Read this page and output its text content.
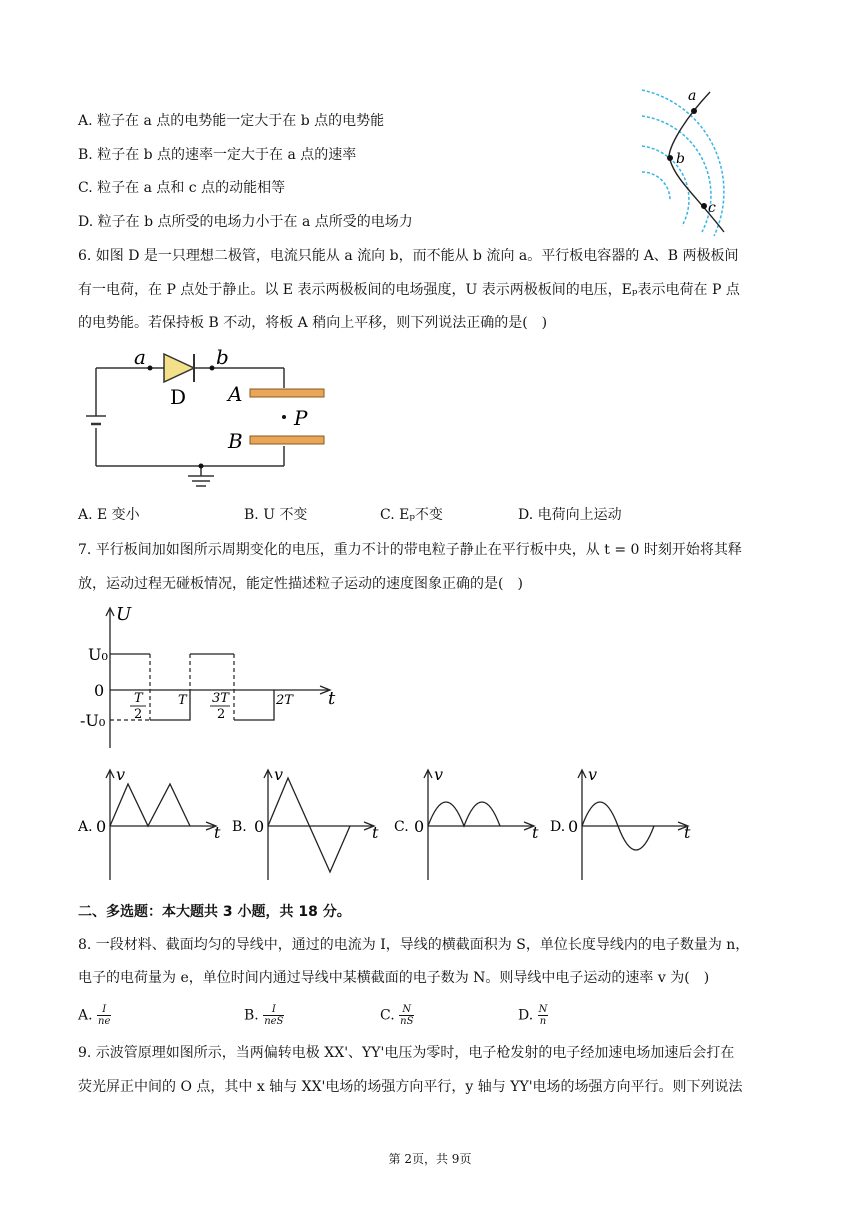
A. 粒子在 a 点的电势能一定大于在 b 点的电势能
B. 粒子在 b 点的速率一定大于在 a 点的速率
C. 粒子在 a 点和 c 点的动能相等
D. 粒子在 b 点所受的电场力小于在 a 点所受的电场力
a
b
c
6. 如图 D 是一只理想二极管，电流只能从 a 流向 b，而不能从 b 流向 a。平行板电容器的 A、B 两极板间
有一电荷，在 P 点处于静止。以 E 表示两极板间的电场强度，U 表示两极板间的电压，Eₚ表示电荷在 P 点
的电势能。若保持板 B 不动，将板 A 稍向上平移，则下列说法正确的是(　)
a	b
D A
B
P
A. E 变小	B. U 不变	C. Eₚ不变	D. 电荷向上运动
7. 平行板间加如图所示周期变化的电压，重力不计的带电粒子静止在平行板中央，从 t = 0 时刻开始将其释
放，运动过程无碰板情况，能定性描述粒子运动的速度图象正确的是(　)
U
t
U₀
0
-U₀
T
2
T 3T
2
2T
A. 0
v
t B. 0
v
t C. 0
v
t D. 0
v
t
二、多选题：本大题共 3 小题，共 18 分。
8. 一段材料、截面均匀的导线中，通过的电流为 I，导线的横截面积为 S，单位长度导线内的电子数量为 n，
电子的电荷量为 e，单位时间内通过导线中某横截面的电子数为 N。则导线中电子运动的速率 v 为(　)
A. $\frac{I}{ne}$	B. $\frac{I}{\text{neS}}$	C. $\frac{N}{nS}$	D. $\frac{N}{n}$
9. 示波管原理如图所示，当两偏转电极 XX'、YY'电压为零时，电子枪发射的电子经加速电场加速后会打在
荧光屏正中间的 O 点，其中 x 轴与 XX'电场的场强方向平行，y 轴与 YY'电场的场强方向平行。则下列说法
第 2页，共 9页
